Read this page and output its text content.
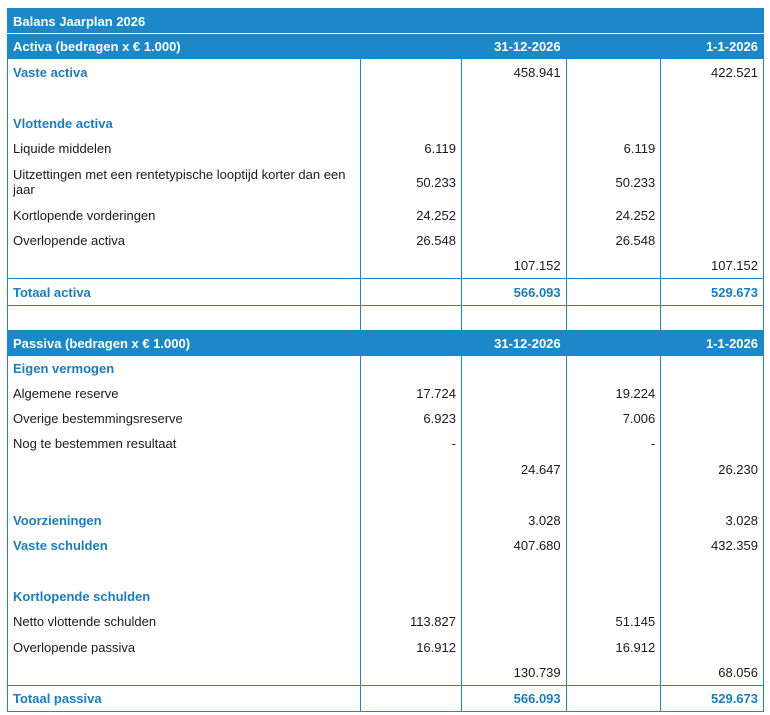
Balans Jaarplan 2026				
Activa (bedragen x € 1.000)		31-12-2026		1-1-2026
Vaste activa		458.941		422.521

Vlottende activa				
Liquide middelen	6.119		6.119	
Uitzettingen met een rentetypische looptijd korter dan een jaar	50.233		50.233	
Kortlopende vorderingen	24.252		24.252	
Overlopende activa	26.548		26.548	
		107.152		107.152
Totaal activa		566.093		529.673

Passiva (bedragen x € 1.000)		31-12-2026		1-1-2026
Eigen vermogen				
Algemene reserve	17.724		19.224	
Overige bestemmingsreserve	6.923		7.006	
Nog te bestemmen resultaat	-		-	
		24.647		26.230

Voorzieningen		3.028		3.028
Vaste schulden		407.680		432.359

Kortlopende schulden				
Netto vlottende schulden	113.827		51.145	
Overlopende passiva	16.912		16.912	
		130.739		68.056
Totaal passiva		566.093		529.673
